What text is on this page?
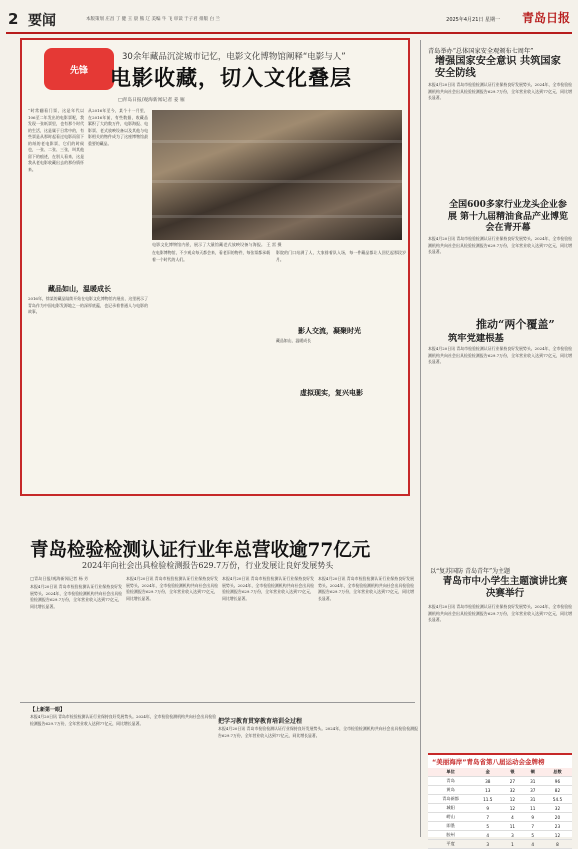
2 要闻	本版策划 庄昌 丁 健 王 晨 熊 辽 美编 牛 飞 审读 于子君 排版 白 兰	2025年4月21日 星期一 青岛日报
先锋
30余年藏品沉淀城市记忆，电影文化博物馆阐释“电影与人”
电影收藏，切入文化叠层
□青岛日报/观海新闻记者 姜 雁
“时常翻看门票，这是年代以106至二年发出的电影票呢，我发现一张纸票里，也有那个时代的生活，这是属于日常中的，有些票是从那时起看过电影而留下的纸的老电影票，它们的时候也，一张、二张、三张，叫其他留下的痕迹，在别人看来，这是我从老电影收藏出去的那份情怀来。
从2016年至今，某个十一月里，在2016年前，有些数据，收藏品累积了大约数万件，电影海报、电影票、老式放映设备以及其他与电影相关的物件成为了这座博物馆最重要的藏品。
电影文化博物馆内景，展示了大量馆藏老式放映设备与海报。 王 雷 摄
藏品如山，温暖成长
2016年，徐某的藏品陆续开始在电影文化博物馆内展出，这里展示了青岛作为中国电影发源地之一的深厚底蕴，也记录着普通人与电影的故事。
在电影博物馆，不少观众每天都会来，看老旧的物件，每张票都承载着一个时代的人们。
影人交流，凝聚时光
影院的门口站满了人，大家排着队入场，每一件藏品都让人回忆起那段岁月。
虚拟现实，复兴电影
藏品如山，温暖成长
青岛检验检测认证行业年总营收逾77亿元
2024年向社会出具检验检测报告629.7万份，行业发展让良好发展势头
□青岛日报/观海新闻记者 杨 芳
本报4月20日讯 青岛市检验检测认证行业保持良好发展势头。2024年，全市检验检测机构共向社会出具检验检测报告629.7万份，全年营业收入达到77亿元，同比增长显著。
本报4月20日讯 青岛市检验检测认证行业保持良好发展势头。2024年，全市检验检测机构共向社会出具检验检测报告629.7万份，全年营业收入达到77亿元，同比增长显著。
本报4月20日讯 青岛市检验检测认证行业保持良好发展势头。2024年，全市检验检测机构共向社会出具检验检测报告629.7万份，全年营业收入达到77亿元，同比增长显著。
本报4月20日讯 青岛市检验检测认证行业保持良好发展势头。2024年，全市检验检测机构共向社会出具检验检测报告629.7万份，全年营业收入达到77亿元，同比增长显著。
【上新第一眼】
本报4月20日讯 青岛市检验检测认证行业保持良好发展势头。2024年，全市检验检测机构共向社会出具检验检测报告629.7万份，全年营业收入达到77亿元，同比增长显著。	把学习教育贯穿教育培训全过程
本报4月20日讯 青岛市检验检测认证行业保持良好发展势头。2024年，全市检验检测机构共向社会出具检验检测报告629.7万份，全年营业收入达到77亿元，同比增长显著。
青岛举办“总体国家安全观颁布七周年”
增强国家安全意识 共筑国家安全防线
本报4月20日讯 青岛市检验检测认证行业保持良好发展势头。2024年，全市检验检测机构共向社会出具检验检测报告629.7万份，全年营业收入达到77亿元，同比增长显著。
全国600多家行业龙头企业参展 第十九届精油食品产业博览会在青开幕
本报4月20日讯 青岛市检验检测认证行业保持良好发展势头。2024年，全市检验检测机构共向社会出具检验检测报告629.7万份，全年营业收入达到77亿元，同比增长显著。
推动“两个覆盖”
筑牢党建根基
本报4月20日讯 青岛市检验检测认证行业保持良好发展势头。2024年，全市检验检测机构共向社会出具检验检测报告629.7万份，全年营业收入达到77亿元，同比增长显著。
以“复苏国防 青岛青年”为主题
青岛市中小学生主题演讲比赛决赛举行
本报4月20日讯 青岛市检验检测认证行业保持良好发展势头。2024年，全市检验检测机构共向社会出具检验检测报告629.7万份，全年营业收入达到77亿元，同比增长显著。
“美丽海岸”青岛省第八届运动会金牌榜
单位	金	银	铜	总数
青岛	38	27	31	96
黄岛	13	32	37	82
青岛新都	11.5	12	31	54.5
城阳	9	12	11	32
崂山	7	4	9	20
即墨	5	11	7	23
胶州	4	3	5	12
平度	3	1	4	8
